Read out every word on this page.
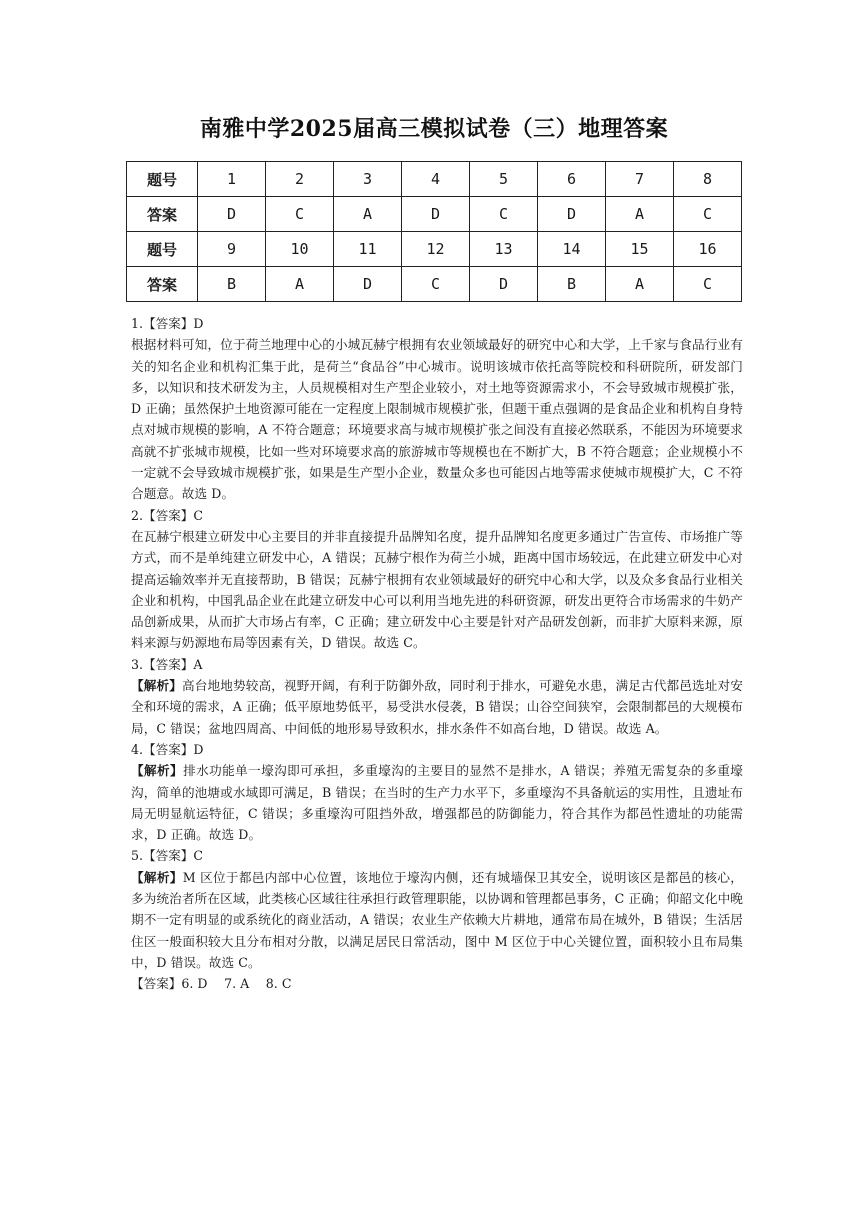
南雅中学2025届高三模拟试卷（三）地理答案
题号	1	2	3	4	5	6	7	8
答案	D	C	A	D	C	D	A	C
题号	9	10	11	12	13	14	15	16
答案	B	A	D	C	D	B	A	C

1.【答案】D

根据材料可知，位于荷兰地理中心的小城瓦赫宁根拥有农业领域最好的研究中心和大学，上千家与食品行业有关的知名企业和机构汇集于此，是荷兰“食品谷”中心城市。说明该城市依托高等院校和科研院所，研发部门多，以知识和技术研发为主，人员规模相对生产型企业较小，对土地等资源需求小，不会导致城市规模扩张，D 正确；虽然保护土地资源可能在一定程度上限制城市规模扩张，但题干重点强调的是食品企业和机构自身特点对城市规模的影响，A 不符合题意；环境要求高与城市规模扩张之间没有直接必然联系，不能因为环境要求高就不扩张城市规模，比如一些对环境要求高的旅游城市等规模也在不断扩大，B 不符合题意；企业规模小不一定就不会导致城市规模扩张，如果是生产型小企业，数量众多也可能因占地等需求使城市规模扩大，C 不符合题意。故选 D。

2.【答案】C

在瓦赫宁根建立研发中心主要目的并非直接提升品牌知名度，提升品牌知名度更多通过广告宣传、市场推广等方式，而不是单纯建立研发中心，A 错误；瓦赫宁根作为荷兰小城，距离中国市场较远，在此建立研发中心对提高运输效率并无直接帮助，B 错误；瓦赫宁根拥有农业领域最好的研究中心和大学，以及众多食品行业相关企业和机构，中国乳品企业在此建立研发中心可以利用当地先进的科研资源，研发出更符合市场需求的牛奶产品创新成果，从而扩大市场占有率，C 正确；建立研发中心主要是针对产品研发创新，而非扩大原料来源，原料来源与奶源地布局等因素有关，D 错误。故选 C。

3.【答案】A

【解析】高台地地势较高，视野开阔，有利于防御外敌，同时利于排水，可避免水患，满足古代都邑选址对安全和环境的需求，A 正确；低平原地势低平，易受洪水侵袭，B 错误；山谷空间狭窄，会限制都邑的大规模布局，C 错误；盆地四周高、中间低的地形易导致积水，排水条件不如高台地，D 错误。故选 A。

4.【答案】D

【解析】排水功能单一壕沟即可承担，多重壕沟的主要目的显然不是排水，A 错误；养殖无需复杂的多重壕沟，简单的池塘或水域即可满足，B 错误；在当时的生产力水平下，多重壕沟不具备航运的实用性，且遗址布局无明显航运特征，C 错误；多重壕沟可阻挡外敌，增强都邑的防御能力，符合其作为都邑性遗址的功能需求，D 正确。故选 D。

5.【答案】C

【解析】M 区位于都邑内部中心位置，该地位于壕沟内侧，还有城墙保卫其安全，说明该区是都邑的核心，多为统治者所在区域，此类核心区域往往承担行政管理职能，以协调和管理都邑事务，C 正确；仰韶文化中晚期不一定有明显的或系统化的商业活动，A 错误；农业生产依赖大片耕地，通常布局在城外，B 错误；生活居住区一般面积较大且分布相对分散，以满足居民日常活动，图中 M 区位于中心关键位置，面积较小且布局集中，D 错误。故选 C。

【答案】6. D　 7. A　 8. C
